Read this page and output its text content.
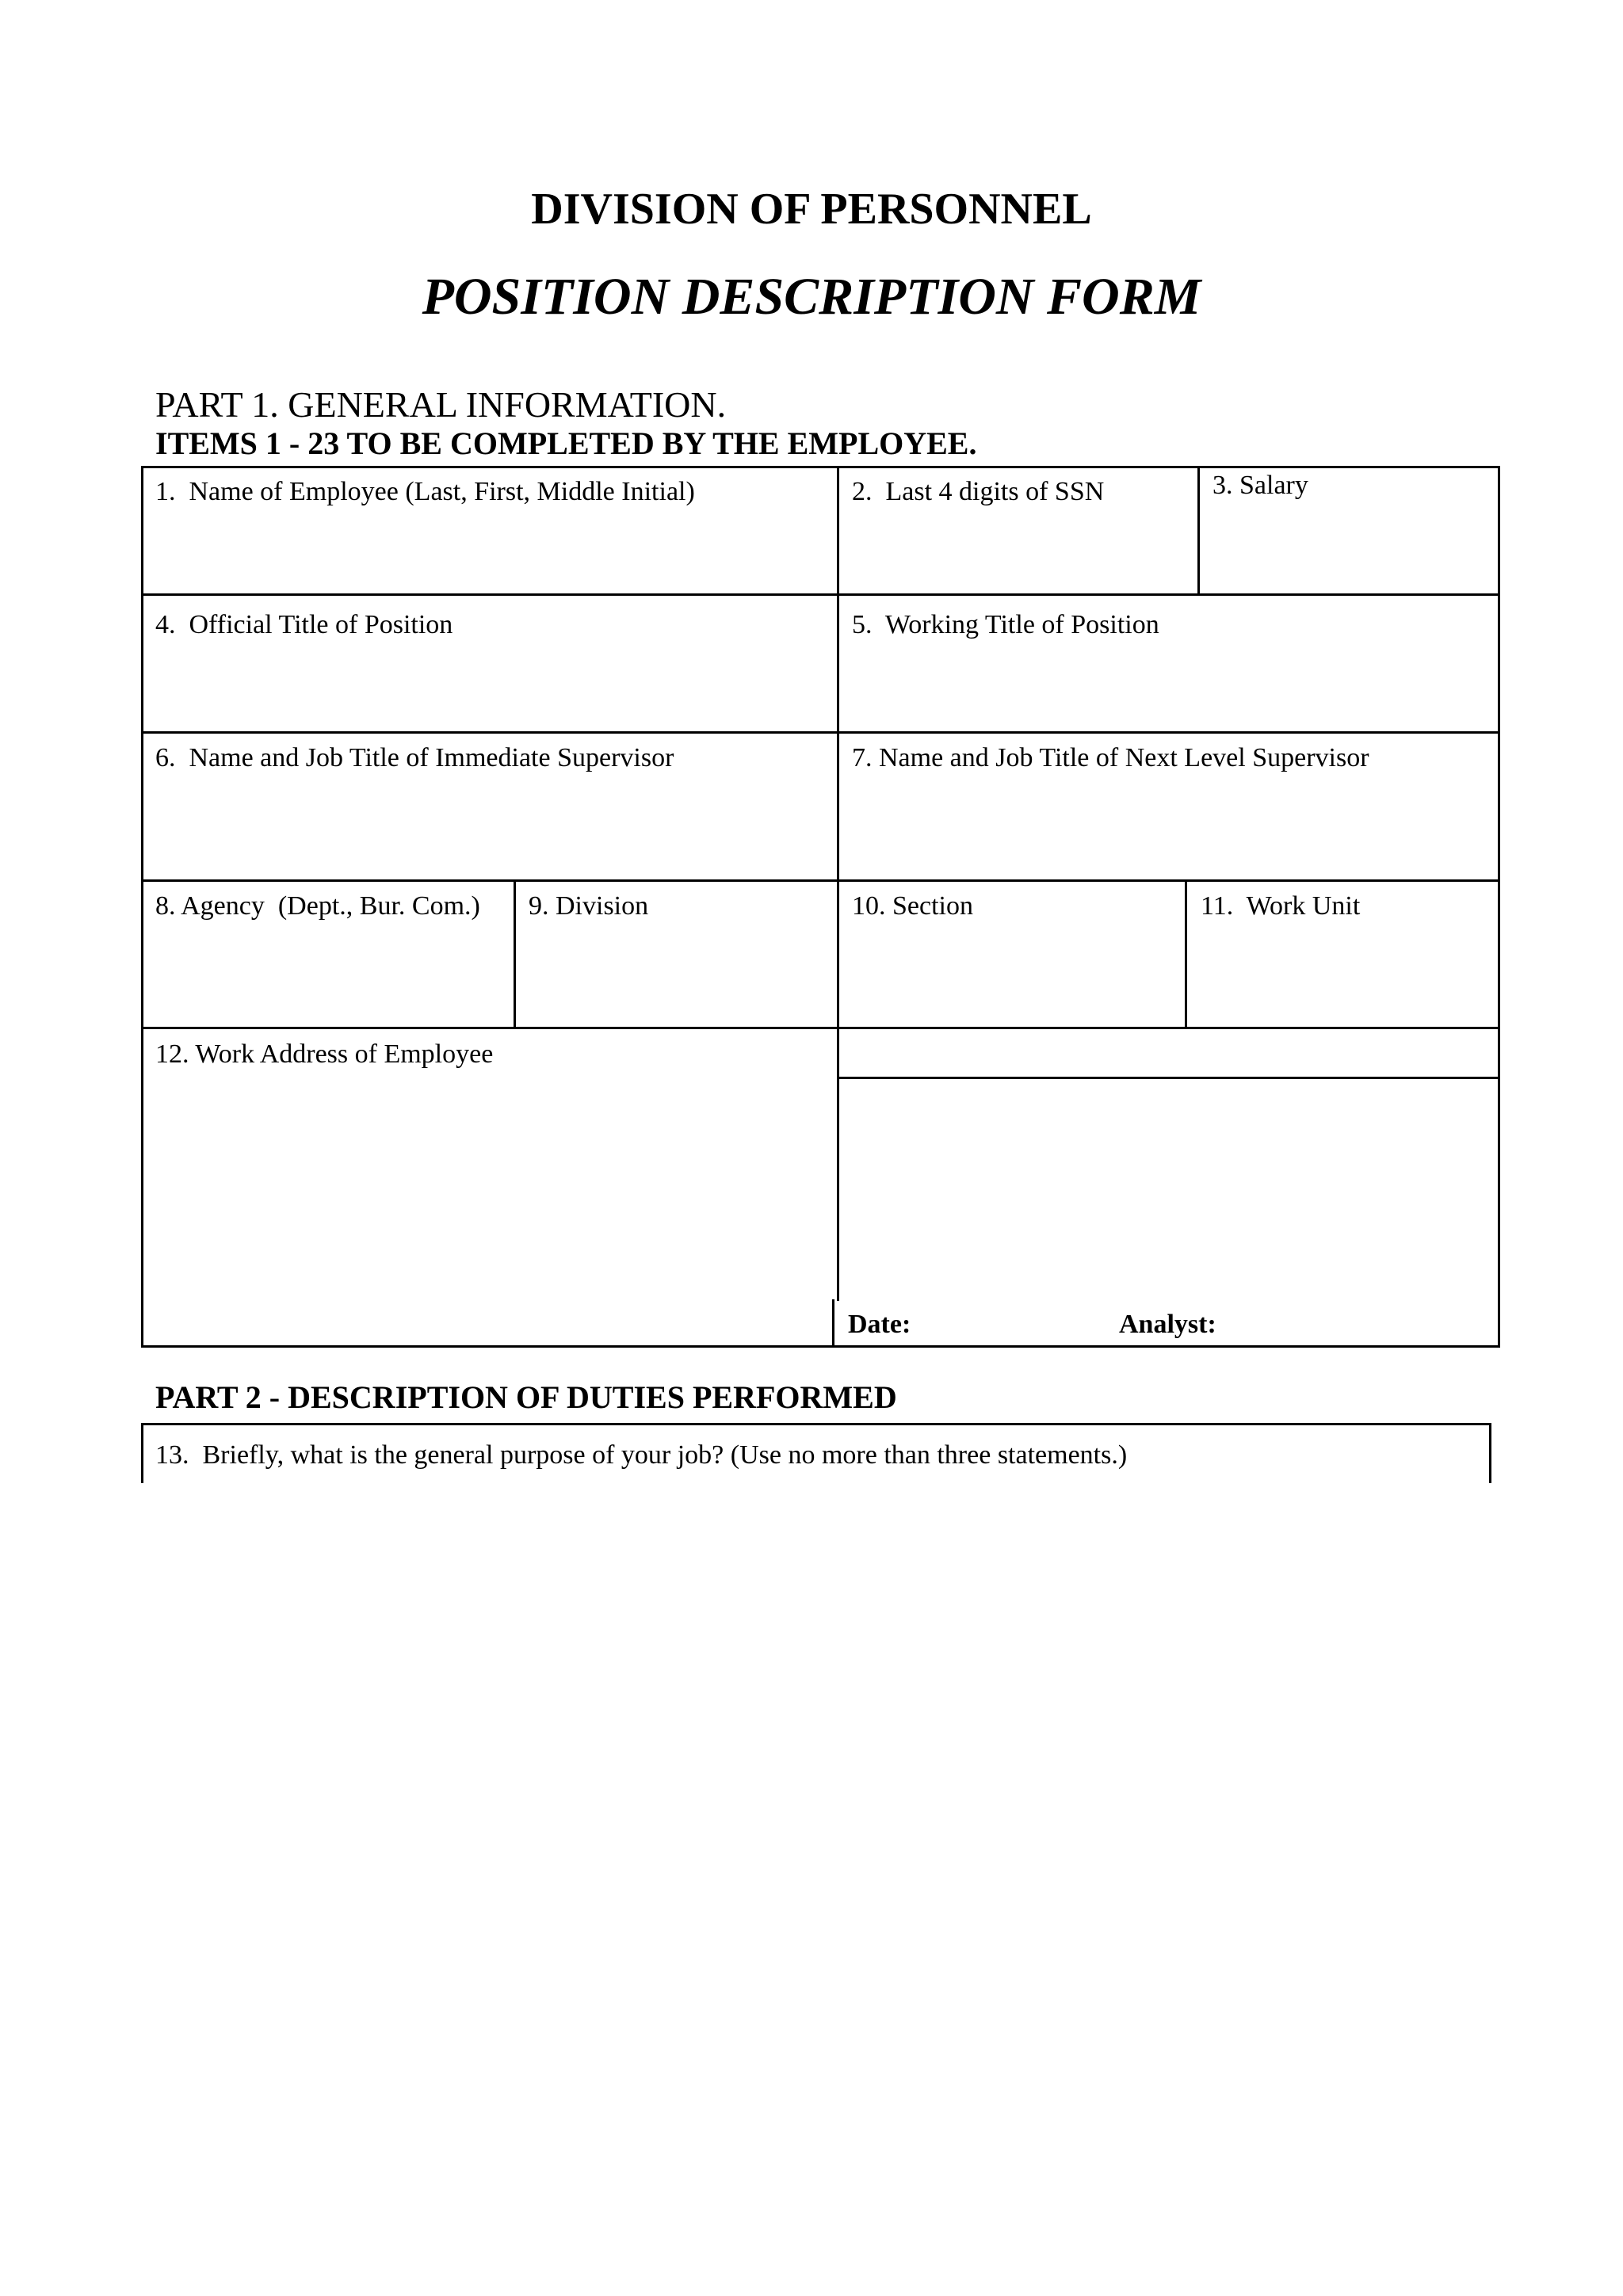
DIVISION OF PERSONNEL
POSITION DESCRIPTION FORM
PART 1. GENERAL INFORMATION.
ITEMS 1 - 23 TO BE COMPLETED BY THE EMPLOYEE.
1.  Name of Employee (Last, First, Middle Initial)	2.  Last 4 digits of SSN	3. Salary
4.  Official Title of Position	5.  Working Title of Position
6.  Name and Job Title of Immediate Supervisor	7. Name and Job Title of Next Level Supervisor
8. Agency  (Dept., Bur. Com.) 9. Division	10. Section	11.  Work Unit
12. Work Address of Employee
Date:	Analyst:
PART 2 - DESCRIPTION OF DUTIES PERFORMED
13.  Briefly, what is the general purpose of your job? (Use no more than three statements.)
